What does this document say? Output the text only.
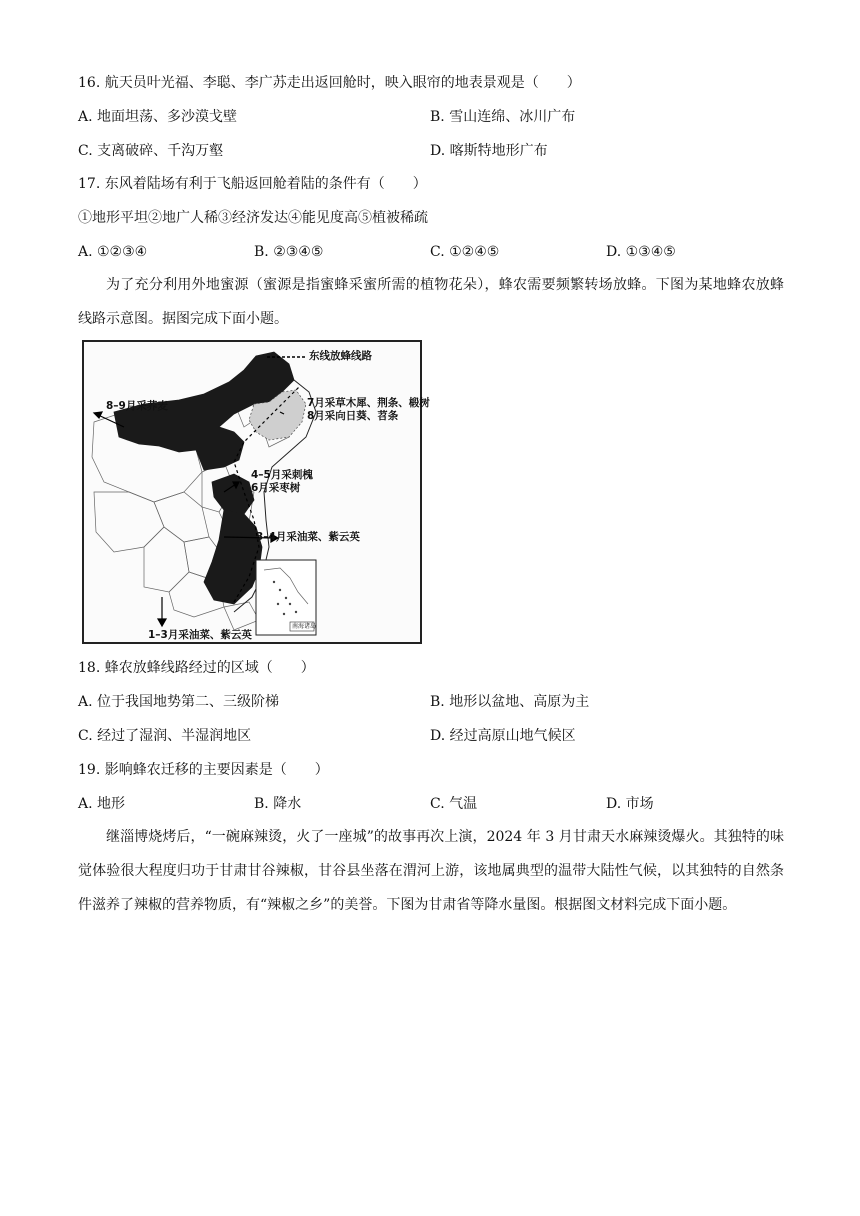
16. 航天员叶光福、李聪、李广苏走出返回舱时，映入眼帘的地表景观是（　　）
A. 地面坦荡、多沙漠戈壁	B. 雪山连绵、冰川广布
C. 支离破碎、千沟万壑	D. 喀斯特地形广布
17. 东风着陆场有利于飞船返回舱着陆的条件有（　　）
①地形平坦②地广人稀③经济发达④能见度高⑤植被稀疏
A. ①②③④	B. ②③④⑤	C. ①②④⑤	D. ①③④⑤

为了充分利用外地蜜源（蜜源是指蜜蜂采蜜所需的植物花朵），蜂农需要频繁转场放蜂。下图为某地蜂农放蜂线路示意图。据图完成下面小题。

东线放蜂线路
8–9月采荞麦	7月采草木犀、荆条、椴树
8月采向日葵、苕条
4–5月采刺槐
6月采枣树
3–4月采油菜、紫云英
1–3月采油菜、紫云英
南海诸岛
18. 蜂农放蜂线路经过的区域（　　）
A. 位于我国地势第二、三级阶梯	B. 地形以盆地、高原为主
C. 经过了湿润、半湿润地区	D. 经过高原山地气候区
19. 影响蜂农迁移的主要因素是（　　）
A. 地形	B. 降水	C. 气温	D. 市场

继淄博烧烤后，“一碗麻辣烫，火了一座城”的故事再次上演，2024 年 3 月甘肃天水麻辣烫爆火。其独特的味觉体验很大程度归功于甘肃甘谷辣椒，甘谷县坐落在渭河上游，该地属典型的温带大陆性气候，以其独特的自然条件滋养了辣椒的营养物质，有“辣椒之乡”的美誉。下图为甘肃省等降水量图。根据图文材料完成下面小题。
